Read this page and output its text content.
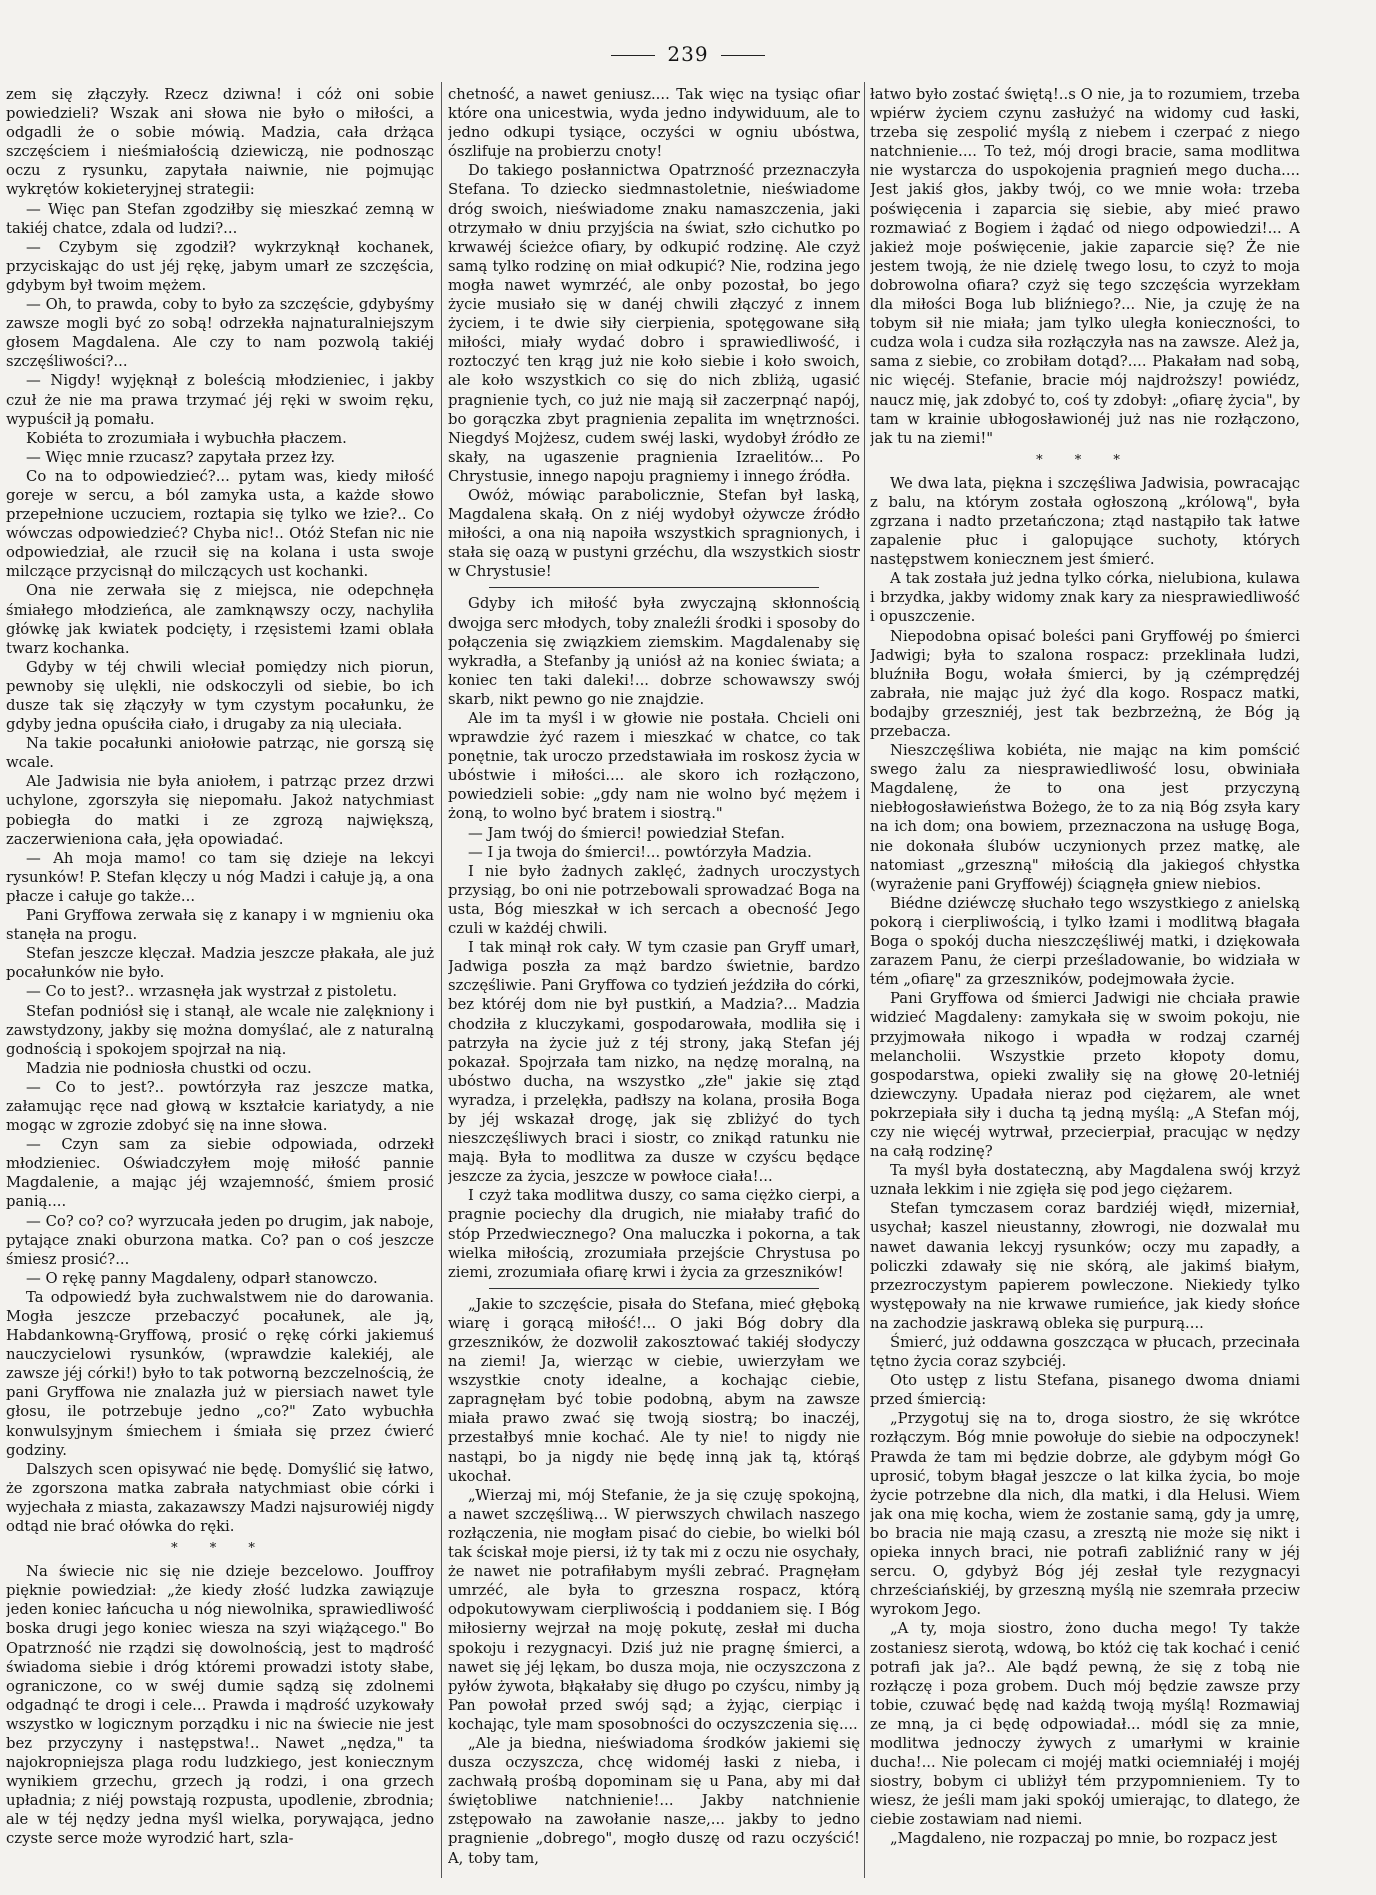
239

zem się złączyły. Rzecz dziwna! i cóż oni sobie powiedzieli? Wszak ani słowa nie było o miłości, a odgadli że o sobie mówią. Madzia, cała drżąca szczęściem i nieśmiałością dziewiczą, nie podnosząc oczu z rysunku, zapytała naiwnie, nie pojmując wykrętów kokieteryjnej strategii:

— Więc pan Stefan zgodziłby się mieszkać zemną w takiéj chatce, zdala od ludzi?...

— Czybym się zgodził? wykrzyknął kochanek, przyciskając do ust jéj rękę, jabym umarł ze szczęścia, gdybym był twoim mężem.

— Oh, to prawda, coby to było za szczęście, gdybyśmy zawsze mogli być zo sobą! odrzekła najnaturalniejszym głosem Magdalena. Ale czy to nam pozwolą takiéj szczęśliwości?...

— Nigdy! wyjęknął z boleścią młodzieniec, i jakby czuł że nie ma prawa trzymać jéj ręki w swoim ręku, wypuścił ją pomału.

Kobiéta to zrozumiała i wybuchła płaczem.

— Więc mnie rzucasz? zapytała przez łzy.

Co na to odpowiedzieć?... pytam was, kiedy miłość goreje w sercu, a ból zamyka usta, a każde słowo przepełnione uczuciem, roztapia się tylko we łzie?.. Co wówczas odpowiedzieć? Chyba nic!.. Otóż Stefan nic nie odpowiedział, ale rzucił się na kolana i usta swoje milczące przycisnął do milczących ust kochanki.

Ona nie zerwała się z miejsca, nie odepchnęła śmiałego młodzieńca, ale zamknąwszy oczy, nachyliła główkę jak kwiatek podcięty, i rzęsistemi łzami oblała twarz kochanka.

Gdyby w téj chwili wleciał pomiędzy nich piorun, pewnoby się ulękli, nie odskoczyli od siebie, bo ich dusze tak się złączyły w tym czystym pocałunku, że gdyby jedna opuściła ciało, i drugaby za nią uleciała.

Na takie pocałunki aniołowie patrząc, nie gorszą się wcale.

Ale Jadwisia nie była aniołem, i patrząc przez drzwi uchylone, zgorszyła się niepomału. Jakoż natychmiast pobiegła do matki i ze zgrozą największą, zaczerwieniona cała, jęła opowiadać.

— Ah moja mamo! co tam się dzieje na lekcyi rysunków! P. Stefan klęczy u nóg Madzi i całuje ją, a ona płacze i całuje go także...

Pani Gryffowa zerwała się z kanapy i w mgnieniu oka stanęła na progu.

Stefan jeszcze klęczał. Madzia jeszcze płakała, ale już pocałunków nie było.

— Co to jest?.. wrzasnęła jak wystrzał z pistoletu.

Stefan podniósł się i stanął, ale wcale nie zalękniony i zawstydzony, jakby się można domyślać, ale z naturalną godnością i spokojem spojrzał na nią.

Madzia nie podniosła chustki od oczu.

— Co to jest?.. powtórzyła raz jeszcze matka, załamując ręce nad głową w kształcie kariatydy, a nie mogąc w zgrozie zdobyć się na inne słowa.

— Czyn sam za siebie odpowiada, odrzekł młodzieniec. Oświadczyłem moję miłość pannie Magdalenie, a mając jéj wzajemność, śmiem prosić panią....

— Co? co? co? wyrzucała jeden po drugim, jak naboje, pytające znaki oburzona matka. Co? pan o coś jeszcze śmiesz prosić?...

— O rękę panny Magdaleny, odparł stanowczo.

Ta odpowiedź była zuchwalstwem nie do darowania. Mogła jeszcze przebaczyć pocałunek, ale ją, Habdankowną-Gryffową, prosić o rękę córki jakiemuś nauczycielowi rysunków, (wprawdzie kalekiéj, ale zawsze jéj córki!) było to tak potworną bezczelnością, że pani Gryffowa nie znalazła już w piersiach nawet tyle głosu, ile potrzebuje jedno „co?" Zato wybuchła konwulsyjnym śmiechem i śmiała się przez ćwierć godziny.

Dalszych scen opisywać nie będę. Domyślić się łatwo, że zgorszona matka zabrała natychmiast obie córki i wyjechała z miasta, zakazawszy Madzi najsurowiéj nigdy odtąd nie brać ołówka do ręki.

* * *

Na świecie nic się nie dzieje bezcelowo. Jouffroy pięknie powiedział: „że kiedy złość ludzka zawiązuje jeden koniec łańcucha u nóg niewolnika, sprawiedliwość boska drugi jego koniec wiesza na szyi wiążącego." Bo Opatrzność nie rządzi się dowolnością, jest to mądrość świadoma siebie i dróg któremi prowadzi istoty słabe, ograniczone, co w swéj dumie sądzą się zdolnemi odgadnąć te drogi i cele... Prawda i mądrość uzykowały wszystko w logicznym porządku i nic na świecie nie jest bez przyczyny i następstwa!.. Nawet „nędza," ta najokropniejsza plaga rodu ludzkiego, jest koniecznym wynikiem grzechu, grzech ją rodzi, i ona grzech upładnia; z niéj powstają rozpusta, upodlenie, zbrodnia; ale w téj nędzy jedna myśl wielka, porywająca, jedno czyste serce może wyrodzić hart, szla-

chetność, a nawet geniusz.... Tak więc na tysiąc ofiar które ona unicestwia, wyda jedno indywiduum, ale to jedno odkupi tysiące, oczyści w ogniu ubóstwa, ószlifuje na probierzu cnoty!

Do takiego posłannictwa Opatrzność przeznaczyła Stefana. To dziecko siedmnastoletnie, nieświadome dróg swoich, nieświadome znaku namaszczenia, jaki otrzymało w dniu przyjścia na świat, szło cichutko po krwawéj ścieżce ofiary, by odkupić rodzinę. Ale czyż samą tylko rodzinę on miał odkupić? Nie, rodzina jego mogła nawet wymrzéć, ale onby pozostał, bo jego życie musiało się w danéj chwili złączyć z innem życiem, i te dwie siły cierpienia, spotęgowane siłą miłości, miały wydać dobro i sprawiedliwość, i roztoczyć ten krąg już nie koło siebie i koło swoich, ale koło wszystkich co się do nich zbliżą, ugasić pragnienie tych, co już nie mają sił zaczerpnąć napój, bo gorączka zbyt pragnienia zepalita im wnętrzności. Niegdyś Mojżesz, cudem swéj laski, wydobył źródło ze skały, na ugaszenie pragnienia Izraelitów... Po Chrystusie, innego napoju pragniemy i innego źródła.

Owóż, mówiąc parabolicznie, Stefan był laską, Magdalena skałą. On z niéj wydobył ożywcze źródło miłości, a ona nią napoiła wszystkich spragnionych, i stała się oazą w pustyni grzéchu, dla wszystkich siostr w Chrystusie!

Gdyby ich miłość była zwyczajną skłonnością dwojga serc młodych, toby znaleźli środki i sposoby do połączenia się związkiem ziemskim. Magdalenaby się wykradła, a Stefanby ją uniósł aż na koniec świata; a koniec ten taki daleki!... dobrze schowawszy swój skarb, nikt pewno go nie znajdzie.

Ale im ta myśl i w głowie nie postała. Chcieli oni wprawdzie żyć razem i mieszkać w chatce, co tak ponętnie, tak uroczo przedstawiała im roskosz życia w ubóstwie i miłości.... ale skoro ich rozłączono, powiedzieli sobie: „gdy nam nie wolno być mężem i żoną, to wolno być bratem i siostrą."

— Jam twój do śmierci! powiedział Stefan.

— I ja twoja do śmierci!... powtórzyła Madzia.

I nie było żadnych zaklęć, żadnych uroczystych przysiąg, bo oni nie potrzebowali sprowadzać Boga na usta, Bóg mieszkał w ich sercach a obecność Jego czuli w każdéj chwili.

I tak minął rok cały. W tym czasie pan Gryff umarł, Jadwiga poszła za mąż bardzo świetnie, bardzo szczęśliwie. Pani Gryffowa co tydzień jeździła do córki, bez któréj dom nie był pustkiń, a Madzia?... Madzia chodziła z kluczykami, gospodarowała, modliła się i patrzyła na życie już z téj strony, jaką Stefan jéj pokazał. Spojrzała tam nizko, na nędzę moralną, na ubóstwo ducha, na wszystko „złe" jakie się ztąd wyradza, i przelękła, padłszy na kolana, prosiła Boga by jéj wskazał drogę, jak się zbliżyć do tych nieszczęśliwych braci i siostr, co znikąd ratunku nie mają. Była to modlitwa za dusze w czyścu będące jeszcze za życia, jeszcze w powłoce ciała!...

I czyż taka modlitwa duszy, co sama ciężko cierpi, a pragnie pociechy dla drugich, nie miałaby trafić do stóp Przedwiecznego? Ona maluczka i pokorna, a tak wielka miłością, zrozumiała przejście Chrystusa po ziemi, zrozumiała ofiarę krwi i życia za grzeszników!

„Jakie to szczęście, pisała do Stefana, mieć głęboką wiarę i gorącą miłość!... O jaki Bóg dobry dla grzeszników, że dozwolił zakosztować takiéj słodyczy na ziemi! Ja, wierząc w ciebie, uwierzyłam we wszystkie cnoty idealne, a kochając ciebie, zapragnęłam być tobie podobną, abym na zawsze miała prawo zwać się twoją siostrą; bo inaczéj, przestałbyś mnie kochać. Ale ty nie! to nigdy nie nastąpi, bo ja nigdy nie będę inną jak tą, którąś ukochał.

„Wierzaj mi, mój Stefanie, że ja się czuję spokojną, a nawet szczęśliwą... W pierwszych chwilach naszego rozłączenia, nie mogłam pisać do ciebie, bo wielki ból tak ściskał moje piersi, iż ty tak mi z oczu nie osychały, że nawet nie potrafiłabym myśli zebrać. Pragnęłam umrzéć, ale była to grzeszna rospacz, którą odpokutowywam cierpliwością i poddaniem się. I Bóg miłosierny wejrzał na moję pokutę, zesłał mi ducha spokoju i rezygnacyi. Dziś już nie pragnę śmierci, a nawet się jéj lękam, bo dusza moja, nie oczyszczona z pyłów żywota, błąkałaby się długo po czyścu, nimby ją Pan powołał przed swój sąd; a żyjąc, cierpiąc i kochając, tyle mam sposobności do oczyszczenia się....

„Ale ja biedna, nieświadoma środków jakiemi się dusza oczyszcza, chcę widoméj łaski z nieba, i zachwałą prośbą dopominam się u Pana, aby mi dał świętobliwe natchnienie!... Jakby natchnienie zstępowało na zawołanie nasze,... jakby to jedno pragnienie „dobrego", mogło duszę od razu oczyścić! A, toby tam,

łatwo było zostać świętą!..s O nie, ja to rozumiem, trzeba wpiérw życiem czynu zasłużyć na widomy cud łaski, trzeba się zespolić myślą z niebem i czerpać z niego natchnienie.... To też, mój drogi bracie, sama modlitwa nie wystarcza do uspokojenia pragnień mego ducha.... Jest jakiś głos, jakby twój, co we mnie woła: trzeba poświęcenia i zaparcia się siebie, aby mieć prawo rozmawiać z Bogiem i żądać od niego odpowiedzi!... A jakież moje poświęcenie, jakie zaparcie się? Że nie jestem twoją, że nie dzielę twego losu, to czyż to moja dobrowolna ofiara? czyż się tego szczęścia wyrzekłam dla miłości Boga lub bliźniego?... Nie, ja czuję że na tobym sił nie miała; jam tylko uległa konieczności, to cudza wola i cudza siła rozłączyła nas na zawsze. Ależ ja, sama z siebie, co zrobiłam dotąd?.... Płakałam nad sobą, nic więcéj. Stefanie, bracie mój najdroższy! powiédz, naucz mię, jak zdobyć to, coś ty zdobył: „ofiarę życia", by tam w krainie ubłogosławionéj już nas nie rozłączono, jak tu na ziemi!"

* * *

We dwa lata, piękna i szczęśliwa Jadwisia, powracając z balu, na którym została ogłoszoną „królową", była zgrzana i nadto przetańczona; ztąd nastąpiło tak łatwe zapalenie płuc i galopujące suchoty, których następstwem koniecznem jest śmierć.

A tak została już jedna tylko córka, nielubiona, kulawa i brzydka, jakby widomy znak kary za niesprawiedliwość i opuszczenie.

Niepodobna opisać boleści pani Gryffowéj po śmierci Jadwigi; była to szalona rospacz: przeklinała ludzi, bluźniła Bogu, wołała śmierci, by ją czémprędzéj zabrała, nie mając już żyć dla kogo. Rospacz matki, bodajby grzeszniéj, jest tak bezbrzeżną, że Bóg ją przebacza.

Nieszczęśliwa kobiéta, nie mając na kim pomścić swego żalu za niesprawiedliwość losu, obwiniała Magdalenę, że to ona jest przyczyną niebłogosławieństwa Bożego, że to za nią Bóg zsyła kary na ich dom; ona bowiem, przeznaczona na usługę Boga, nie dokonała ślubów uczynionych przez matkę, ale natomiast „grzeszną" miłością dla jakiegoś chłystka (wyrażenie pani Gryffowéj) ściągnęła gniew niebios.

Biédne dziéwczę słuchało tego wszystkiego z anielską pokorą i cierpliwością, i tylko łzami i modlitwą błagała Boga o spokój ducha nieszczęśliwéj matki, i dziękowała zarazem Panu, że cierpi prześladowanie, bo widziała w tém „ofiarę" za grzeszników, podejmowała życie.

Pani Gryffowa od śmierci Jadwigi nie chciała prawie widzieć Magdaleny: zamykała się w swoim pokoju, nie przyjmowała nikogo i wpadła w rodzaj czarnéj melancholii. Wszystkie przeto kłopoty domu, gospodarstwa, opieki zwaliły się na głowę 20-letniéj dziewczyny. Upadała nieraz pod ciężarem, ale wnet pokrzepiała siły i ducha tą jedną myślą: „A Stefan mój, czy nie więcéj wytrwał, przecierpiał, pracując w nędzy na całą rodzinę?

Ta myśl była dostateczną, aby Magdalena swój krzyż uznała lekkim i nie zgięła się pod jego ciężarem.

Stefan tymczasem coraz bardziéj więdł, mizerniał, usychał; kaszel nieustanny, złowrogi, nie dozwalał mu nawet dawania lekcyj rysunków; oczy mu zapadły, a policzki zdawały się nie skórą, ale jakimś białym, przezroczystym papierem powleczone. Niekiedy tylko występowały na nie krwawe rumieńce, jak kiedy słońce na zachodzie jaskrawą obleka się purpurą....

Śmierć, już oddawna goszcząca w płucach, przecinała tętno życia coraz szybciéj.

Oto ustęp z listu Stefana, pisanego dwoma dniami przed śmiercią:

„Przygotuj się na to, droga siostro, że się wkrótce rozłączym. Bóg mnie powołuje do siebie na odpoczynek! Prawda że tam mi będzie dobrze, ale gdybym mógł Go uprosić, tobym błagał jeszcze o lat kilka życia, bo moje życie potrzebne dla nich, dla matki, i dla Helusi. Wiem jak ona mię kocha, wiem że zostanie samą, gdy ja umrę, bo bracia nie mają czasu, a zresztą nie może się nikt i opieka innych braci, nie potrafi zabliźnić rany w jéj sercu. O, gdybyż Bóg jéj zesłał tyle rezygnacyi chrześciańskiéj, by grzeszną myślą nie szemrała przeciw wyrokom Jego.

„A ty, moja siostro, żono ducha mego! Ty także zostaniesz sierotą, wdową, bo któż cię tak kochać i cenić potrafi jak ja?.. Ale bądź pewną, że się z tobą nie rozłączę i poza grobem. Duch mój będzie zawsze przy tobie, czuwać będę nad każdą twoją myślą! Rozmawiaj ze mną, ja ci będę odpowiadał... módl się za mnie, modlitwa jednoczy żywych z umarłymi w krainie ducha!... Nie polecam ci mojéj matki ociemniałéj i mojéj siostry, bobym ci ubliżył tém przypomnieniem. Ty to wiesz, że jeśli mam jaki spokój umierając, to dlatego, że ciebie zostawiam nad niemi.

„Magdaleno, nie rozpaczaj po mnie, bo rozpacz jest
